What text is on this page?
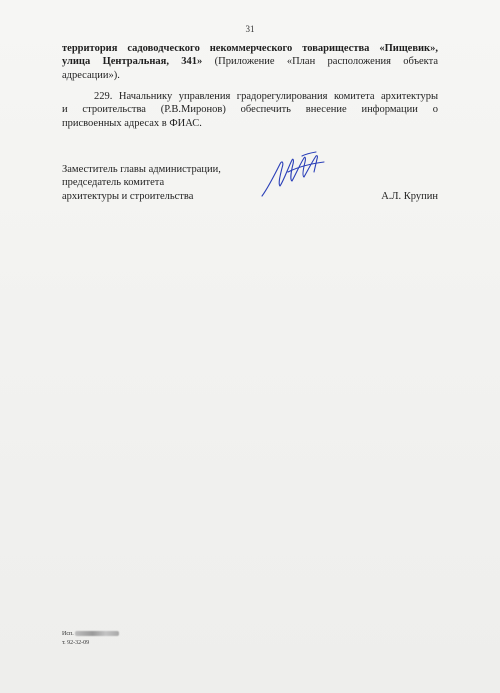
31
территория садоводческого некоммерческого товарищества «Пищевик»,
улица Центральная, 341» (Приложение «План расположения объекта
адресации»).
229. Начальнику управления градорегулирования комитета архитектуры
и строительства (Р.В.Миронов) обеспечить внесение информации о
присвоенных адресах в ФИАС.
Заместитель главы администрации,
председатель комитета
архитектуры и строительства	А.Л. Крупин
Исп.
т. 92-32-09
